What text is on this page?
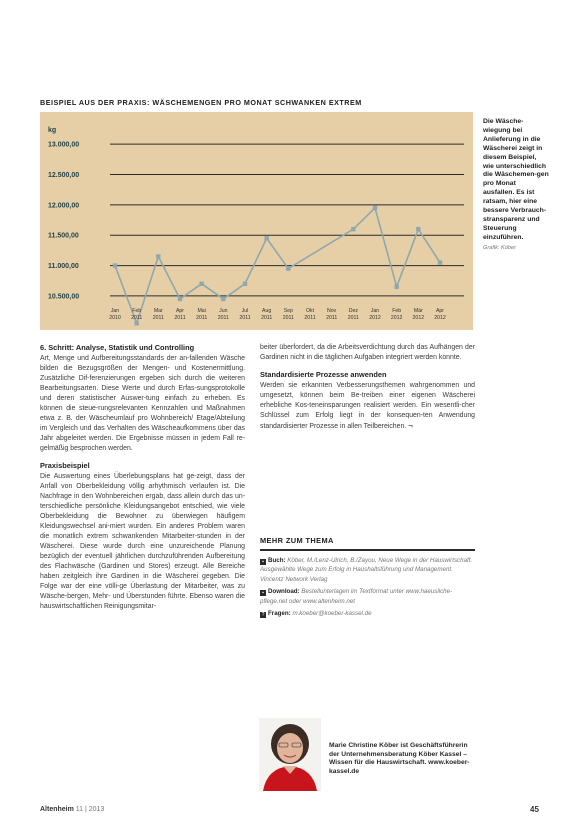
BEISPIEL AUS DER PRAXIS: WÄSCHEMENGEN PRO MONAT SCHWANKEN EXTREM
kg
13.000,00
12.500,00
12.000,00
11.500,00
11.000,00
10.500,00
Jan
2010
Feb
2011
Mar
2011
Apr
2011
Mai
2011
Jun
2011
Jul
2011
Aug
2011
Sep
2011
Okt
2011
Nov
2011
Dez
2011
Jan
2012
Feb
2012
Mär
2012
Apr
2012
Die Wäsche-wiegung bei Anlieferung in die Wäscherei zeigt in diesem Beispiel, wie unterschiedlich die Wäschemen-gen pro Monat ausfallen. Es ist ratsam, hier eine bessere Verbrauch-stransparenz und Steuerung einzuführen.
Grafik: Köber
6. Schritt: Analyse, Statistik und Controlling

Art, Menge und Aufbereitungsstandards der an-fallenden Wäsche bilden die Bezugsgrößen der Mengen- und Kostenermittlung. Zusätzliche Dif-ferenzierungen ergeben sich durch die weiteren Bearbeitungsarten. Diese Werte und durch Erfas-sungsprotokolle und deren statistischer Auswer-tung einfach zu erheben. Es können die steue-rungsrelevanten Kennzahlen und Maßnahmen etwa z. B. der Wäscheumlauf pro Wohnbereich/ Etage/Abteilung im Vergleich und das Verhalten des Wäscheaufkommens über das Jahr abgeleitet werden. Die Ergebnisse müssen in jedem Fall re-gelmäßig besprochen werden.

Praxisbeispiel

Die Auswertung eines Überlebungsplans hat ge-zeigt, dass der Anfall von Oberbekleidung völlig arhythmisch verlaufen ist. Die Nachfrage in den Wohnbereichen ergab, dass allein durch das un-terschiedliche persönliche Kleidungsangebot entschied, wie viele Oberbekleidung die Bewohner zu überwiegen häufigem Kleidungswechsel ani-miert wurden. Ein anderes Problem waren die monatlich extrem schwankenden Mitarbeiter-stunden in der Wäscherei. Diese wurde durch eine unzureichende Planung bezüglich der eventuell jährlichen durchzuführenden Aufbereitung des Flachwäsche (Gardinen und Stores) erzeugt. Alle Bereiche haben zeitgleich ihre Gardinen in die Wäscherei gegeben. Die Folge war der eine völli-ge Überlastung der Mitarbeiter, was zu Wäsche-bergen, Mehr- und Überstunden führte. Ebenso waren die hauswirtschaftlichen Reinigungsmitar-

beiter überfordert, da die Arbeitsverdichtung durch das Aufhängen der Gardinen nicht in die täglichen Aufgaben integriert werden konnte.

Standardisierte Prozesse anwenden

Werden sie erkannten Verbesserungsthemen wahrgenommen und umgesetzt, können beim Be-treiben einer eigenen Wäscherei erhebliche Kos-teneinsparungen realisiert werden. Ein wesentli-cher Schlüssel zum Erfolg liegt in der konsequen-ten Anwendung standardisierter Prozesse in allen Teilbereichen. ¬

MEHR ZUM THEMA
▪ Buch: Köber, M./Lenz-Ulrich, B./Zayou, Neue Wege in der Hauswirtschaft. Ausgewählte Wege zum Erfolg in Haushaltsführung und Management. Vincentz Network Verlag
▪ Download: Bestellunterlagen im Textformat unter www.haeusliche-pflege.net oder www.altenheim.net
? Fragen: m.koeber@koeber-kassel.de
Marie Christine Köber ist Geschäftsführerin der Unternehmensberatung Köber Kassel – Wissen für die Hauswirtschaft. www.koeber-kassel.de
Altenheim 11 | 2013	45
